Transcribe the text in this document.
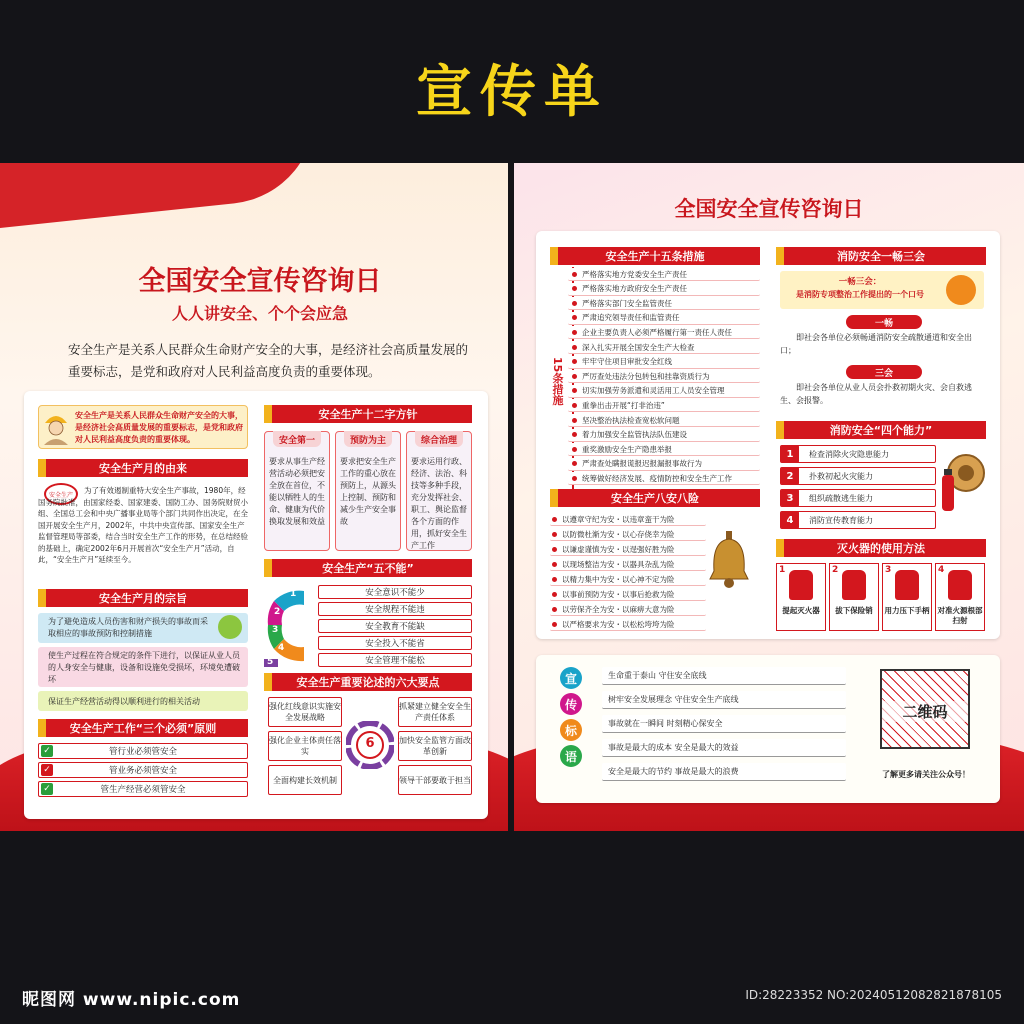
宣传单
全国安全宣传咨询日
人人讲安全、个个会应急
安全生产是关系人民群众生命财产安全的大事，是经济社会高质量发展的重要标志，是党和政府对人民利益高度负责的重要体现。
安全生产是关系人民群众生命财产安全的大事，是经济社会高质量发展的重要标志，是党和政府对人民利益高度负责的重要体现。
安全生产月的由来
安全生产	为了有效遏制重特大安全生产事故，1980年，经国务院批准，由国家经委、国家建委、国防工办、国务院财贸小组、全国总工会和中央广播事业局等个部门共同作出决定，在全国开展安全生产月，2002年，中共中央宣传部、国家安全生产监督管理局等部委，结合当时安全生产工作的形势，在总结经验的基础上，确定2002年6月开展首次“安全生产月”活动，自此，“安全生产月”延续至今。
安全生产月的宗旨
为了避免造成人员伤害和财产损失的事故而采取相应的事故预防和控制措施
使生产过程在符合规定的条件下进行，以保证从业人员的人身安全与健康，设备和设施免受损坏，环境免遭破坏
保证生产经营活动得以顺利进行的相关活动
安全生产工作“三个必须”原则
✓	管行业必须管安全
✓	管业务必须管安全
✓	管生产经营必须管安全
安全生产十二字方针
安全第一
要求从事生产经营活动必须把安全放在首位，不能以牺牲人的生命、健康为代价换取发展和效益
预防为主
要求把安全生产工作的重心放在预防上，从源头上控制、预防和减少生产安全事故
综合治理
要求运用行政、经济、法治、科技等多种手段，充分发挥社会、职工、舆论监督各个方面的作用，抓好安全生产工作
安全生产“五不能”
1
2
3
4
5
安全意识不能少
安全规程不能违
安全教育不能缺
安全投入不能省
安全管理不能松
安全生产重要论述的六大要点
强化红线意识实施安全发展战略
强化企业主体责任落实
全面构建长效机制
抓紧建立健全安全生产责任体系
加快安全监管方面改革创新
领导干部要敢于担当
6
全国安全宣传咨询日
安全生产十五条措施
15条措施
严格落实地方党委安全生产责任
严格落实地方政府安全生产责任
严格落实部门安全监管责任
严肃追究领导责任和监管责任
企业主要负责人必须严格履行第一责任人责任
深入扎实开展全国安全生产大检查
牢牢守住项目审批安全红线
严厉查处违法分包转包和挂靠资质行为
切实加强劳务派遣和灵活用工人员安全管理
重拳出击开展“打非治违”
坚决整治执法检查宽松软问题
着力加强安全监管执法队伍建设
重奖激励安全生产隐患举报
严肃查处瞒报谎报迟报漏报事故行为
统筹做好经济发展、疫情防控和安全生产工作
安全生产八安八险
以遵章守纪为安・以违章蛮干为险
以防微杜渐为安・以心存侥幸为险
以谦虚谨慎为安・以逞强好胜为险
以现场整洁为安・以器具杂乱为险
以精力集中为安・以心神不定为险
以事前预防为安・以事后抢救为险
以劳保齐全为安・以麻痹大意为险
以严格要求为安・以松松垮垮为险
消防安全一畅三会
一畅三会：
是消防专项整治工作提出的一个口号
一畅
即社会各单位必须畅通消防安全疏散通道和安全出口；
三会
即社会各单位从业人员会扑救初期火灾、会自救逃生、会报警。
消防安全“四个能力”
1	检查消除火灾隐患能力
2	扑救初起火灾能力
3	组织疏散逃生能力
4	消防宣传教育能力
灭火器的使用方法
1
提起灭火器
2
拔下保险销
3
用力压下手柄
4
对准火源根部扫射
生命重于泰山 守住安全底线
树牢安全发展理念 守住安全生产底线
事故就在一瞬间 时刻精心保安全
事故是最大的成本 安全是最大的效益
安全是最大的节约 事故是最大的浪费
宣
传
标
语
二维码
了解更多请关注公众号！
昵图网 www.nipic.com	ID:28223352 NO:20240512082821878105
